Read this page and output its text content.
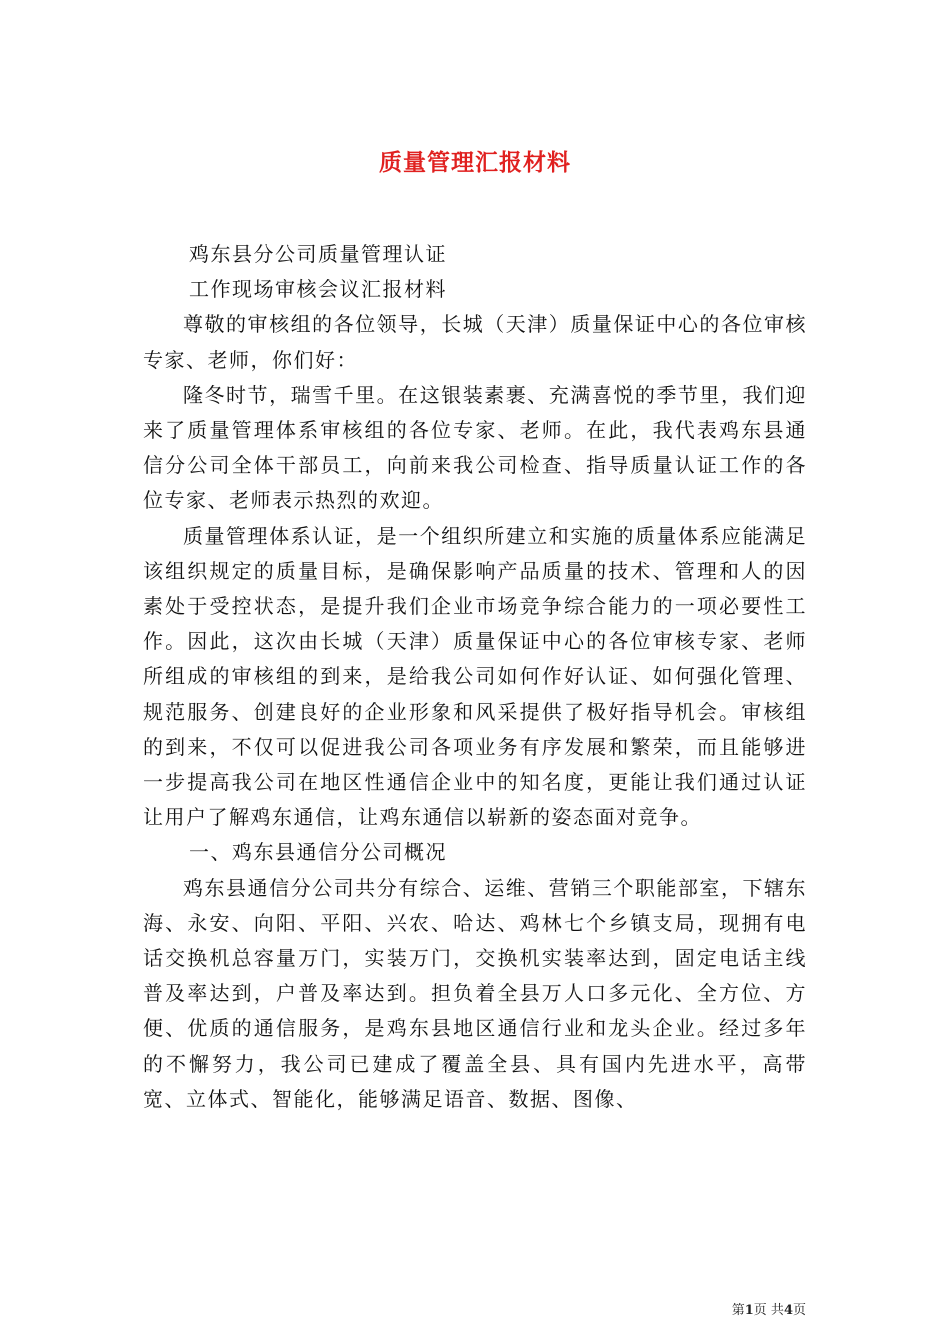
质量管理汇报材料

鸡东县分公司质量管理认证

工作现场审核会议汇报材料

尊敬的审核组的各位领导，长城（天津）质量保证中心的各位审核专家、老师，你们好：

隆冬时节，瑞雪千里。在这银装素裹、充满喜悦的季节里，我们迎来了质量管理体系审核组的各位专家、老师。在此，我代表鸡东县通信分公司全体干部员工，向前来我公司检查、指导质量认证工作的各位专家、老师表示热烈的欢迎。

质量管理体系认证，是一个组织所建立和实施的质量体系应能满足该组织规定的质量目标，是确保影响产品质量的技术、管理和人的因素处于受控状态，是提升我们企业市场竞争综合能力的一项必要性工作。因此，这次由长城（天津）质量保证中心的各位审核专家、老师所组成的审核组的到来，是给我公司如何作好认证、如何强化管理、规范服务、创建良好的企业形象和风采提供了极好指导机会。审核组的到来，不仅可以促进我公司各项业务有序发展和繁荣，而且能够进一步提高我公司在地区性通信企业中的知名度，更能让我们通过认证让用户了解鸡东通信，让鸡东通信以崭新的姿态面对竞争。

一、鸡东县通信分公司概况

鸡东县通信分公司共分有综合、运维、营销三个职能部室，下辖东海、永安、向阳、平阳、兴农、哈达、鸡林七个乡镇支局，现拥有电话交换机总容量万门，实装万门，交换机实装率达到，固定电话主线普及率达到，户普及率达到。担负着全县万人口多元化、全方位、方便、优质的通信服务，是鸡东县地区通信行业和龙头企业。经过多年的不懈努力，我公司已建成了覆盖全县、具有国内先进水平，高带宽、立体式、智能化，能够满足语音、数据、图像、

第1页 共4页
